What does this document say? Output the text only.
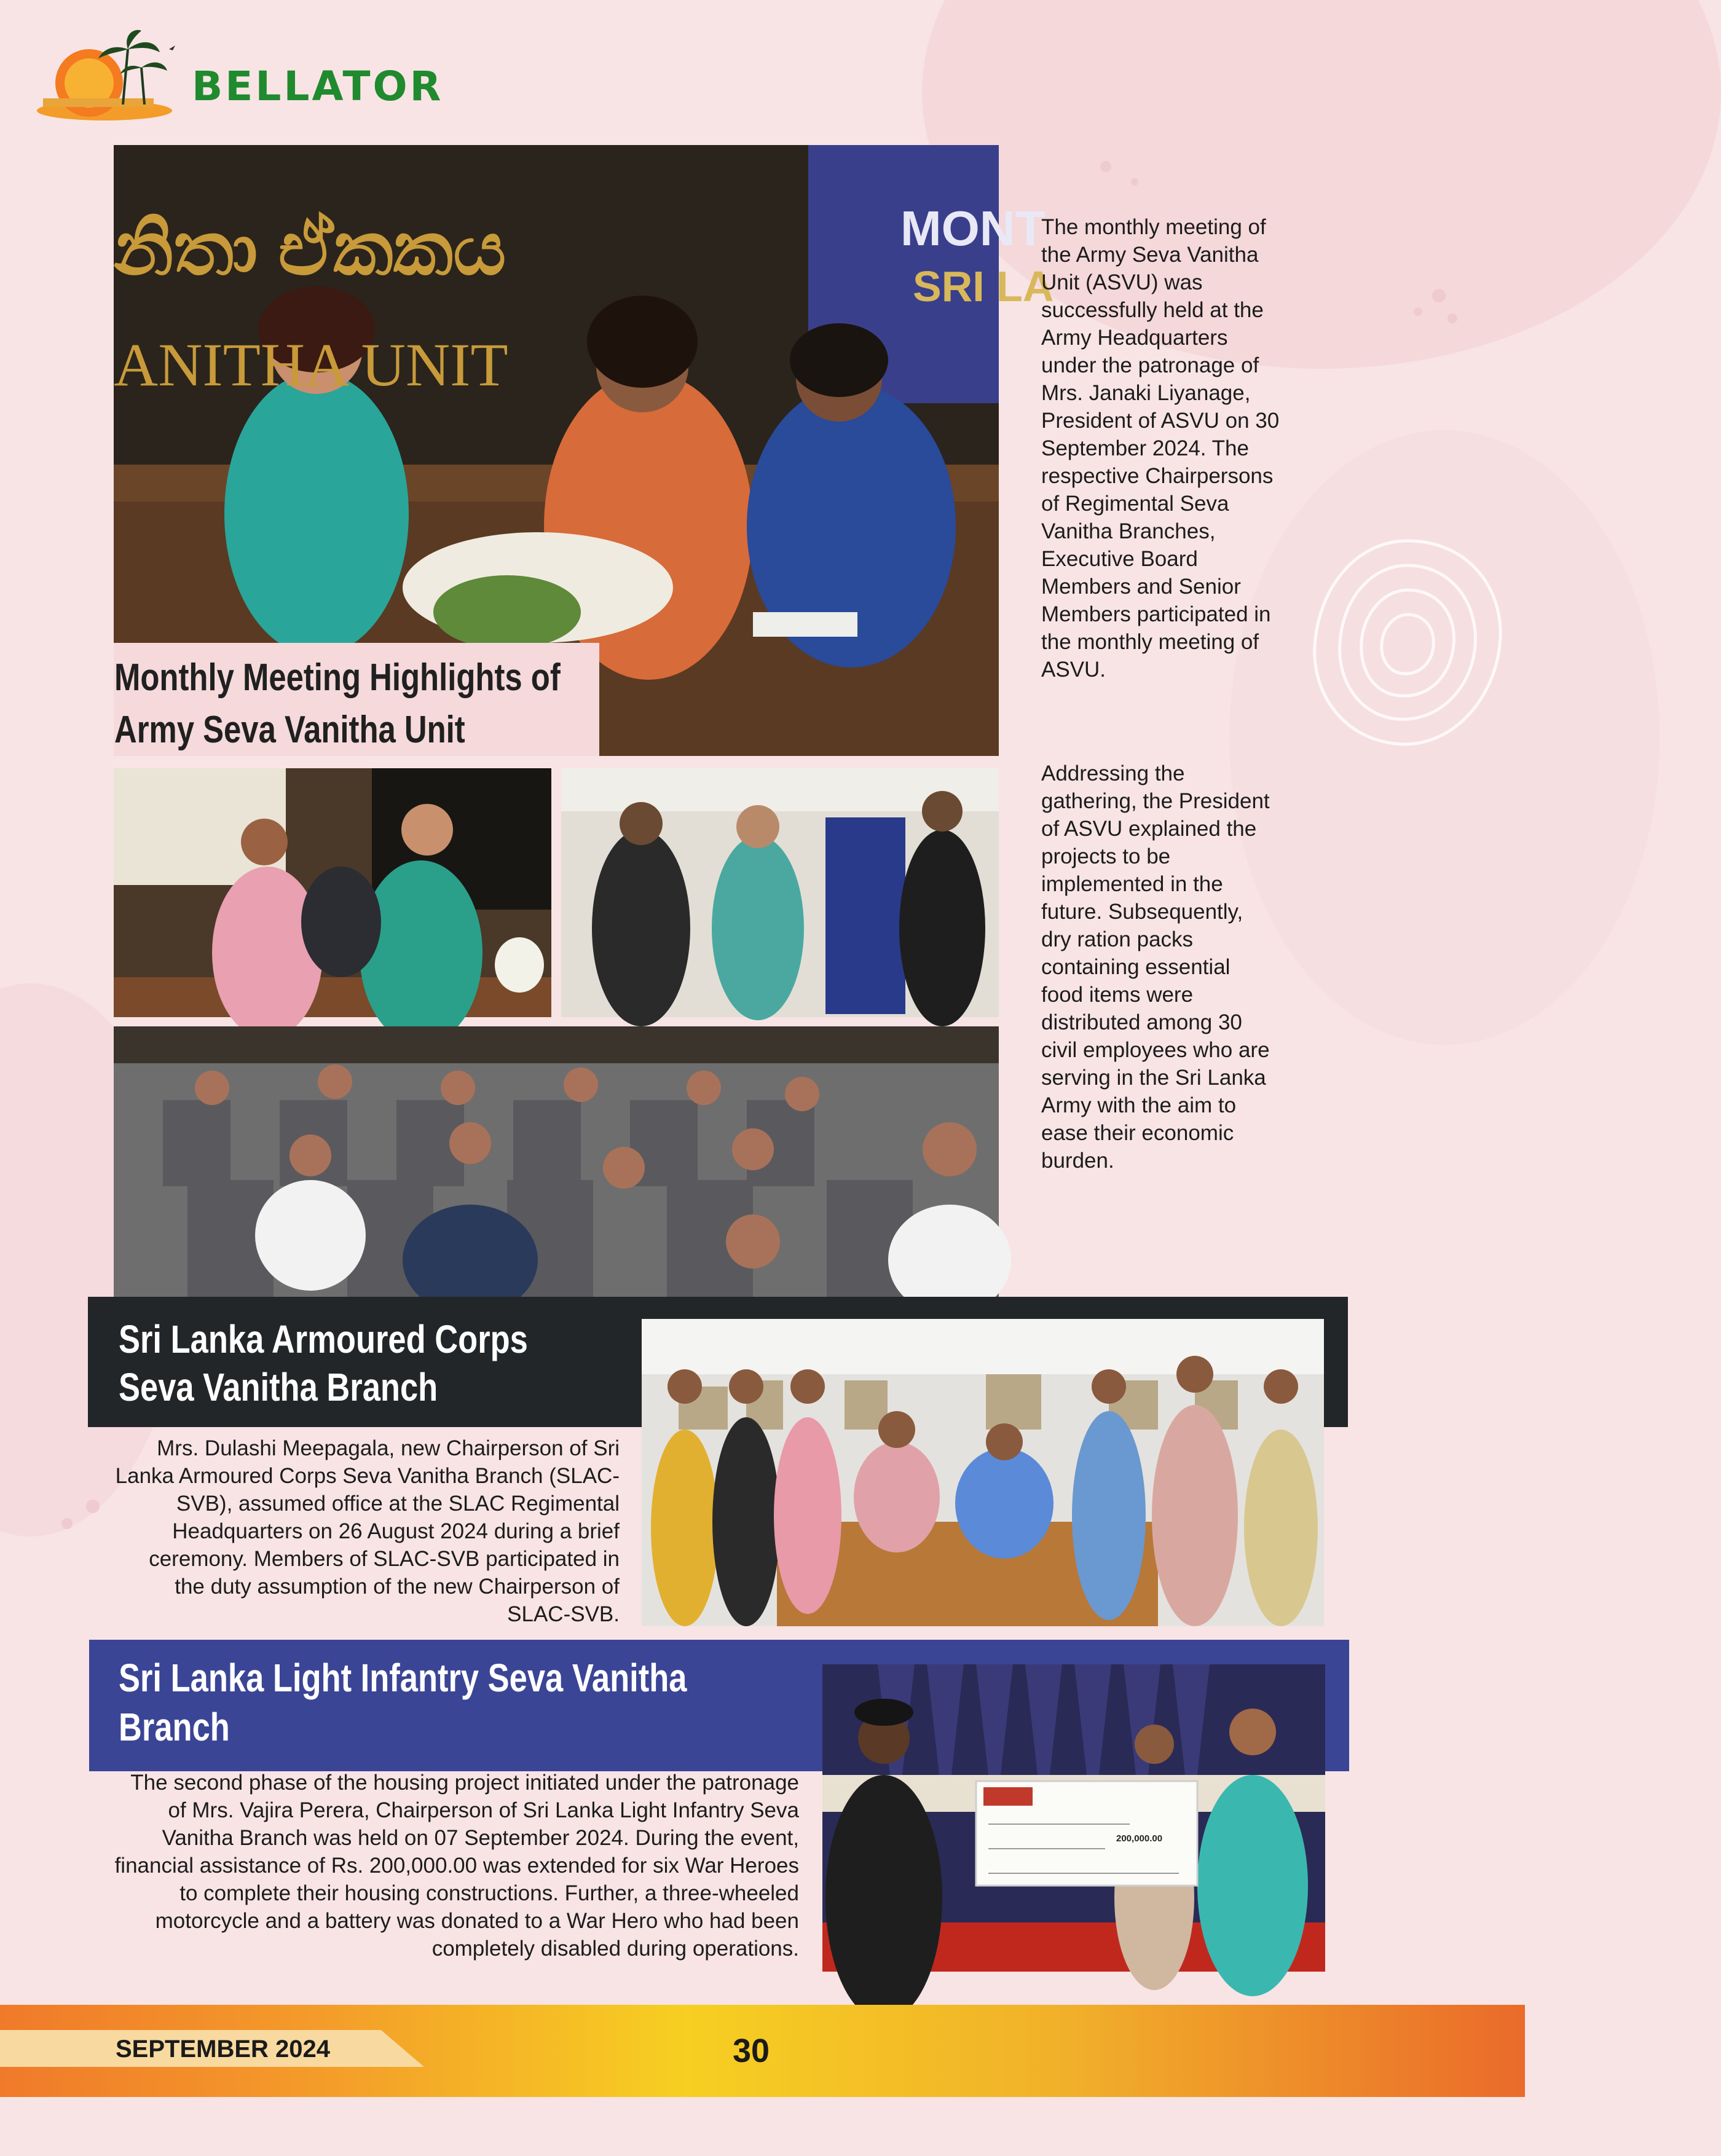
BELLATOR
නිතා ඒකකය
ANITHA UNIT
MONT
SRI LA
Monthly Meeting Highlights of Army Seva Vanitha Unit
The monthly meeting of the Army Seva Vanitha Unit (ASVU) was successfully held at the Army Headquarters under the patronage of Mrs. Janaki Liyanage, President of ASVU on 30 September 2024. The respective Chairpersons of Regimental Seva Vanitha Branches, Executive Board Members and Senior Members participated in the monthly meeting of ASVU.
Addressing the gathering, the President of ASVU explained the projects to be implemented in the future. Subsequently, dry ration packs containing essential food items were distributed among 30 civil employees who are serving in the Sri Lanka Army with the aim to ease their economic burden.
Sri Lanka Armoured Corps Seva Vanitha Branch
Mrs. Dulashi Meepagala, new Chairperson of Sri Lanka Armoured Corps Seva Vanitha Branch (SLAC-SVB), assumed office at the SLAC Regimental Headquarters on 26 August 2024 during a brief ceremony. Members of SLAC-SVB participated in the duty assumption of the new Chairperson of SLAC-SVB.
Sri Lanka Light Infantry Seva Vanitha Branch
200,000.00
The second phase of the housing project initiated under the patronage of Mrs. Vajira Perera, Chairperson of Sri Lanka Light Infantry Seva Vanitha Branch was held on 07 September 2024. During the event, financial assistance of Rs. 200,000.00 was extended for six War Heroes to complete their housing constructions. Further, a three-wheeled motorcycle and a battery was donated to a War Hero who had been completely disabled during operations.
SEPTEMBER 2024	30
